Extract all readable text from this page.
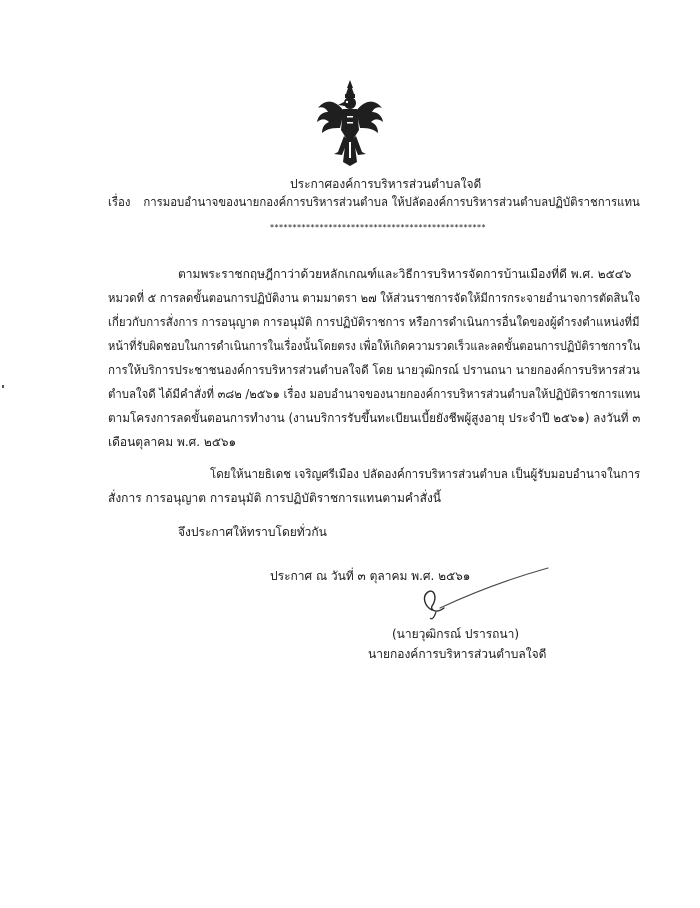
ประกาศองค์การบริหารส่วนตำบลใจดี
เรื่อง การมอบอำนาจของนายกองค์การบริหารส่วนตำบล ให้ปลัดองค์การบริหารส่วนตำบลปฏิบัติราชการแทน
************************************************
ตามพระราชกฤษฎีกาว่าด้วยหลักเกณฑ์และวิธีการบริหารจัดการบ้านเมืองที่ดี พ.ศ. ๒๕๔๖
หมวดที่ ๕ การลดขั้นตอนการปฏิบัติงาน ตามมาตรา ๒๗ ให้ส่วนราชการจัดให้มีการกระจายอำนาจการตัดสินใจ
เกี่ยวกับการสั่งการ การอนุญาต การอนุมัติ การปฏิบัติราชการ หรือการดำเนินการอื่นใดของผู้ดำรงตำแหน่งที่มี
หน้าที่รับผิดชอบในการดำเนินการในเรื่องนั้นโดยตรง เพื่อให้เกิดความรวดเร็วและลดขั้นตอนการปฏิบัติราชการใน
การให้บริการประชาชนองค์การบริหารส่วนตำบลใจดี โดย นายวุฒิกรณ์ ปรานถนา นายกองค์การบริหารส่วน
ตำบลใจดี ได้มีคำสั่งที่ ๓๘๒ /๒๕๖๑ เรื่อง มอบอำนาจของนายกองค์การบริหารส่วนตำบลให้ปฏิบัติราชการแทน
ตามโครงการลดขั้นตอนการทำงาน (งานบริการรับขึ้นทะเบียนเบี้ยยังชีพผู้สูงอายุ ประจำปี ๒๕๖๑) ลงวันที่ ๓
เดือนตุลาคม พ.ศ. ๒๕๖๑
โดยให้นายธิเดช เจริญศรีเมือง ปลัดองค์การบริหารส่วนตำบล เป็นผู้รับมอบอำนาจในการ
สั่งการ การอนุญาต การอนุมัติ การปฏิบัติราชการแทนตามคำสั่งนี้
จึงประกาศให้ทราบโดยทั่วกัน
ประกาศ ณ วันที่ ๓ ตุลาคม พ.ศ. ๒๕๖๑
(นายวุฒิกรณ์ ปรารถนา)
นายกองค์การบริหารส่วนตำบลใจดี
